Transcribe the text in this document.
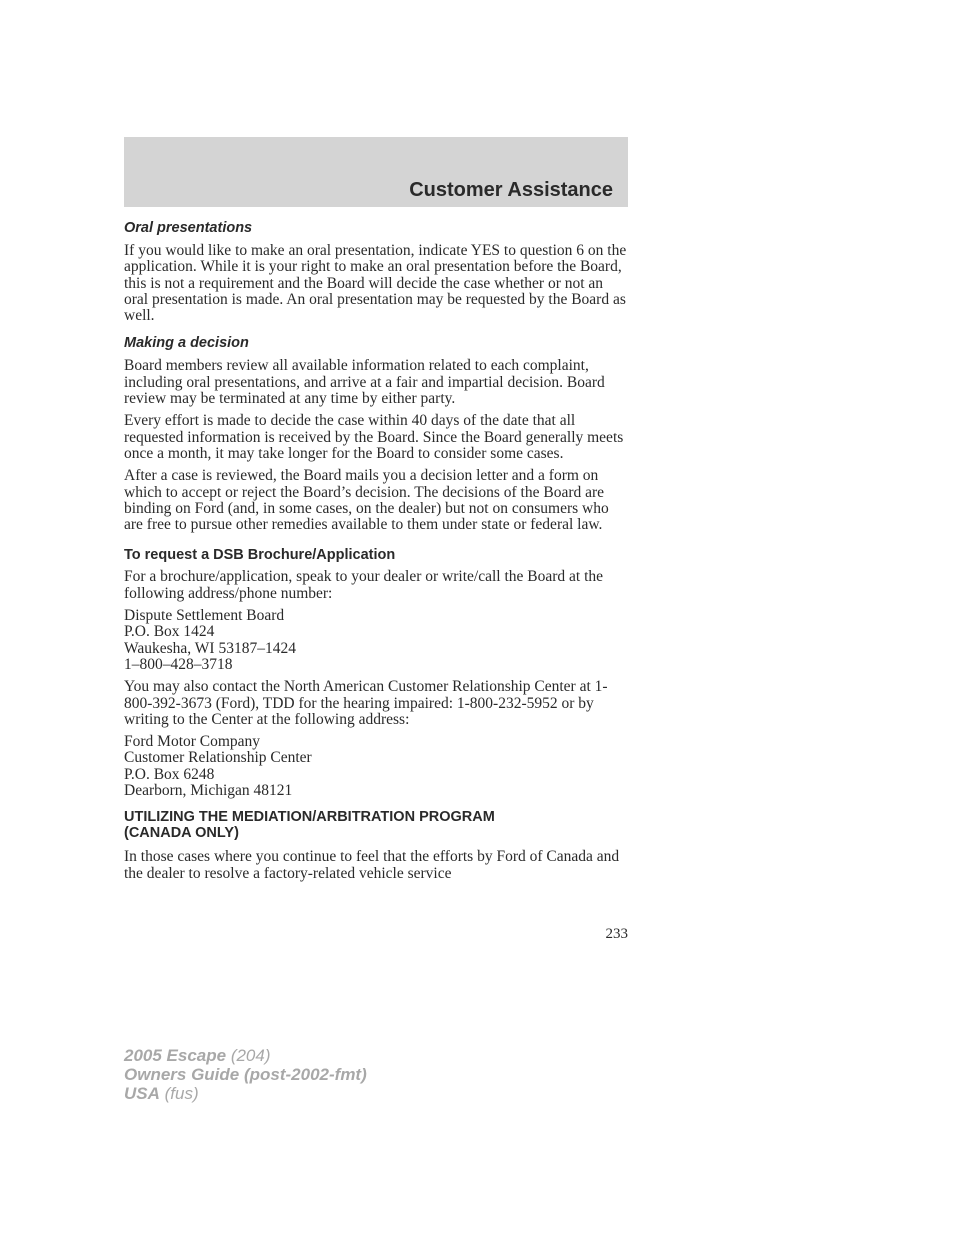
Customer Assistance
Oral presentations

If you would like to make an oral presentation, indicate YES to question 6 on the application. While it is your right to make an oral presentation before the Board, this is not a requirement and the Board will decide the case whether or not an oral presentation is made. An oral presentation may be requested by the Board as well.

Making a decision

Board members review all available information related to each complaint, including oral presentations, and arrive at a fair and impartial decision. Board review may be terminated at any time by either party.

Every effort is made to decide the case within 40 days of the date that all requested information is received by the Board. Since the Board generally meets once a month, it may take longer for the Board to consider some cases.

After a case is reviewed, the Board mails you a decision letter and a form on which to accept or reject the Board’s decision. The decisions of the Board are binding on Ford (and, in some cases, on the dealer) but not on consumers who are free to pursue other remedies available to them under state or federal law.

To request a DSB Brochure/Application

For a brochure/application, speak to your dealer or write/call the Board at the following address/phone number:

Dispute Settlement Board
P.O. Box 1424
Waukesha, WI 53187–1424
1–800–428–3718

You may also contact the North American Customer Relationship Center at 1-800-392-3673 (Ford), TDD for the hearing impaired: 1-800-232-5952 or by writing to the Center at the following address:

Ford Motor Company
Customer Relationship Center
P.O. Box 6248
Dearborn, Michigan 48121
UTILIZING THE MEDIATION/ARBITRATION PROGRAM
(CANADA ONLY)

In those cases where you continue to feel that the efforts by Ford of Canada and the dealer to resolve a factory-related vehicle service

233
2005 Escape (204)
Owners Guide (post-2002-fmt)
USA (fus)
